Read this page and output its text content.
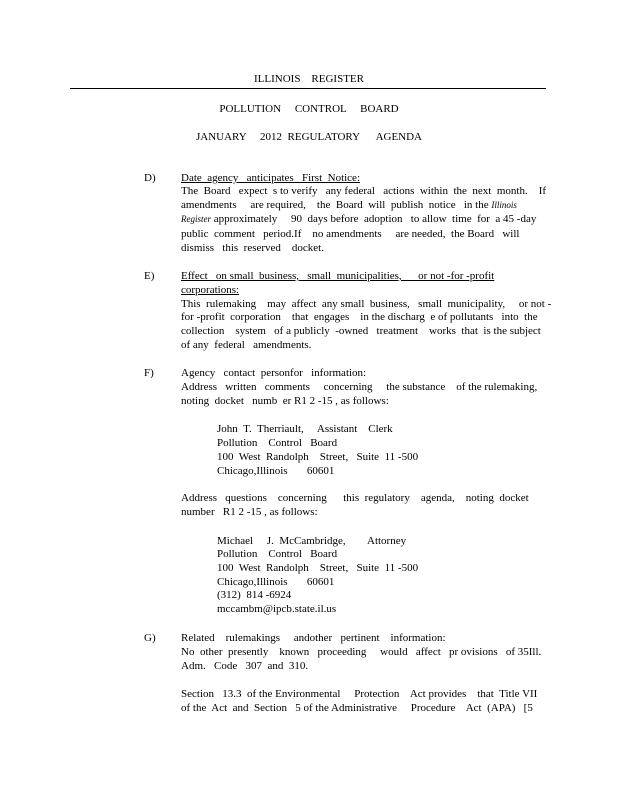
ILLINOIS    REGISTER
POLLUTION     CONTROL     BOARD
JANUARY     2012  REGULATORY      AGENDA
D) Date  agency   anticipates   First  Notice:
The  Board   expect  s to verify   any federal   actions  within  the  next  month.    If
amendments     are required,    the  Board  will  publish  notice   in the Illinois
Register approximately     90  days before  adoption   to allow  time  for  a 45 -day
public  comment   period.If    no amendments     are needed,  the Board   will
dismiss   this  reserved    docket.
E) Effect   on small  business,   small  municipalities,      or not -for -profit
corporations:
This  rulemaking    may  affect  any small  business,   small  municipality,     or not -
for -profit  corporation    that  engages    in the discharg  e of pollutants   into  the
collection    system   of a publicly  -owned   treatment    works  that  is the subject
of any  federal   amendments.
F) Agency   contact  personfor   information:
Address   written   comments     concerning     the substance    of the rulemaking,
noting  docket   numb  er R1 2 -15 , as follows:
John  T.  Therriault,     Assistant    Clerk
Pollution    Control   Board
100  West  Randolph    Street,   Suite  11 -500
Chicago,Illinois       60601
Address   questions    concerning      this  regulatory    agenda,    noting  docket
number   R1 2 -15 , as follows:
Michael     J.  McCambridge,        Attorney
Pollution    Control   Board
100  West  Randolph    Street,   Suite  11 -500
Chicago,Illinois       60601
(312)  814 -6924
mccambm@ipcb.state.il.us
G) Related    rulemakings     andother   pertinent    information:
No  other  presently    known   proceeding     would   affect   pr ovisions   of 35Ill.
Adm.   Code   307  and  310.
Section   13.3  of the Environmental     Protection    Act provides    that  Title VII
of the  Act  and  Section   5 of the Administrative     Procedure    Act  (APA)   [5
